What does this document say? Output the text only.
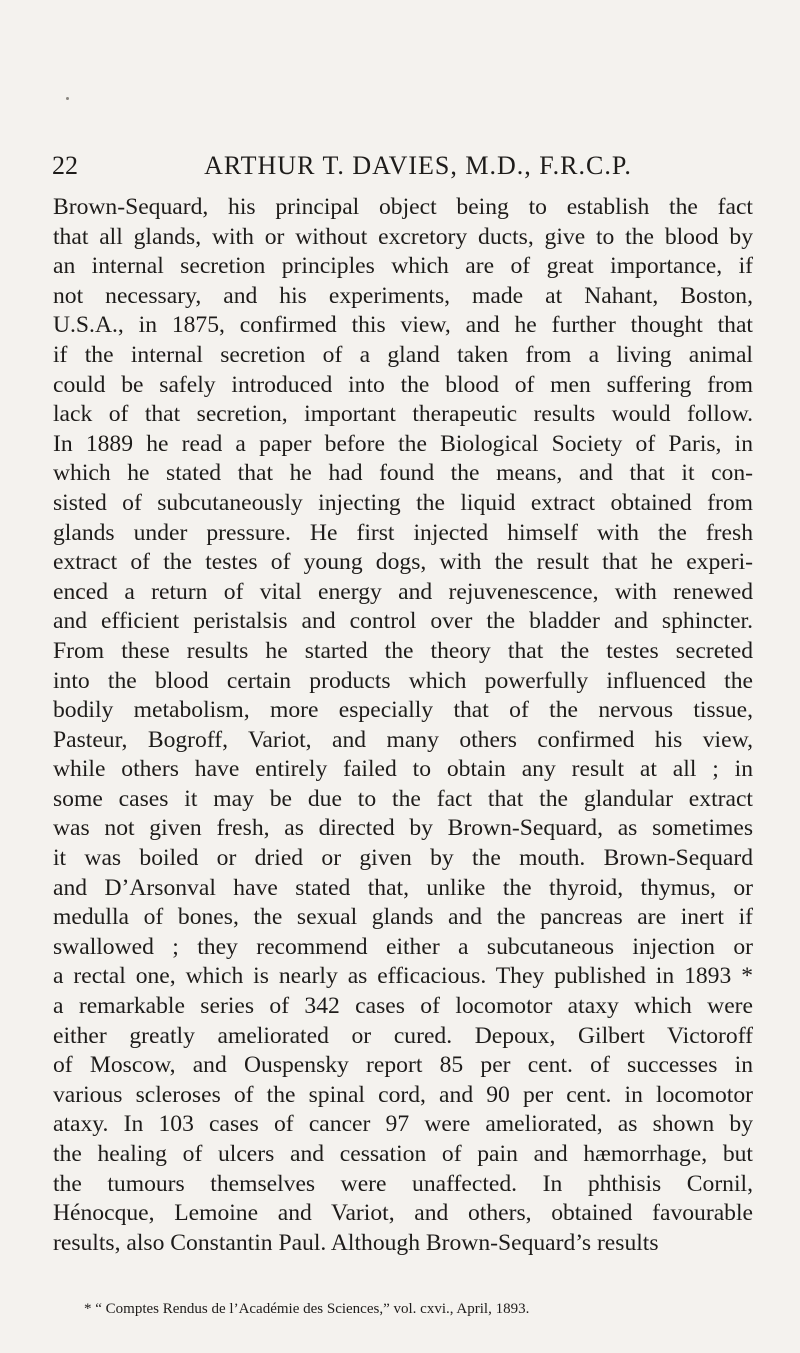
22	ARTHUR T. DAVIES, M.D., F.R.C.P.
Brown-Sequard, his principal object being to establish the fact
that all glands, with or without excretory ducts, give to the blood by
an internal secretion principles which are of great importance, if
not necessary, and his experiments, made at Nahant, Boston,
U.S.A., in 1875, confirmed this view, and he further thought that
if the internal secretion of a gland taken from a living animal
could be safely introduced into the blood of men suffering from
lack of that secretion, important therapeutic results would follow.
In 1889 he read a paper before the Biological Society of Paris, in
which he stated that he had found the means, and that it con-
sisted of subcutaneously injecting the liquid extract obtained from
glands under pressure. He first injected himself with the fresh
extract of the testes of young dogs, with the result that he experi-
enced a return of vital energy and rejuvenescence, with renewed
and efficient peristalsis and control over the bladder and sphincter.
From these results he started the theory that the testes secreted
into the blood certain products which powerfully influenced the
bodily metabolism, more especially that of the nervous tissue,
Pasteur, Bogroff, Variot, and many others confirmed his view,
while others have entirely failed to obtain any result at all ; in
some cases it may be due to the fact that the glandular extract
was not given fresh, as directed by Brown-Sequard, as sometimes
it was boiled or dried or given by the mouth. Brown-Sequard
and D’Arsonval have stated that, unlike the thyroid, thymus, or
medulla of bones, the sexual glands and the pancreas are inert if
swallowed ; they recommend either a subcutaneous injection or
a rectal one, which is nearly as efficacious. They published in 1893 *
a remarkable series of 342 cases of locomotor ataxy which were
either greatly ameliorated or cured. Depoux, Gilbert Victoroff
of Moscow, and Ouspensky report 85 per cent. of successes in
various scleroses of the spinal cord, and 90 per cent. in locomotor
ataxy. In 103 cases of cancer 97 were ameliorated, as shown by
the healing of ulcers and cessation of pain and hæmorrhage, but
the tumours themselves were unaffected. In phthisis Cornil,
Hénocque, Lemoine and Variot, and others, obtained favourable
results, also Constantin Paul. Although Brown-Sequard’s results
* “ Comptes Rendus de l’Académie des Sciences,” vol. cxvi., April, 1893.
